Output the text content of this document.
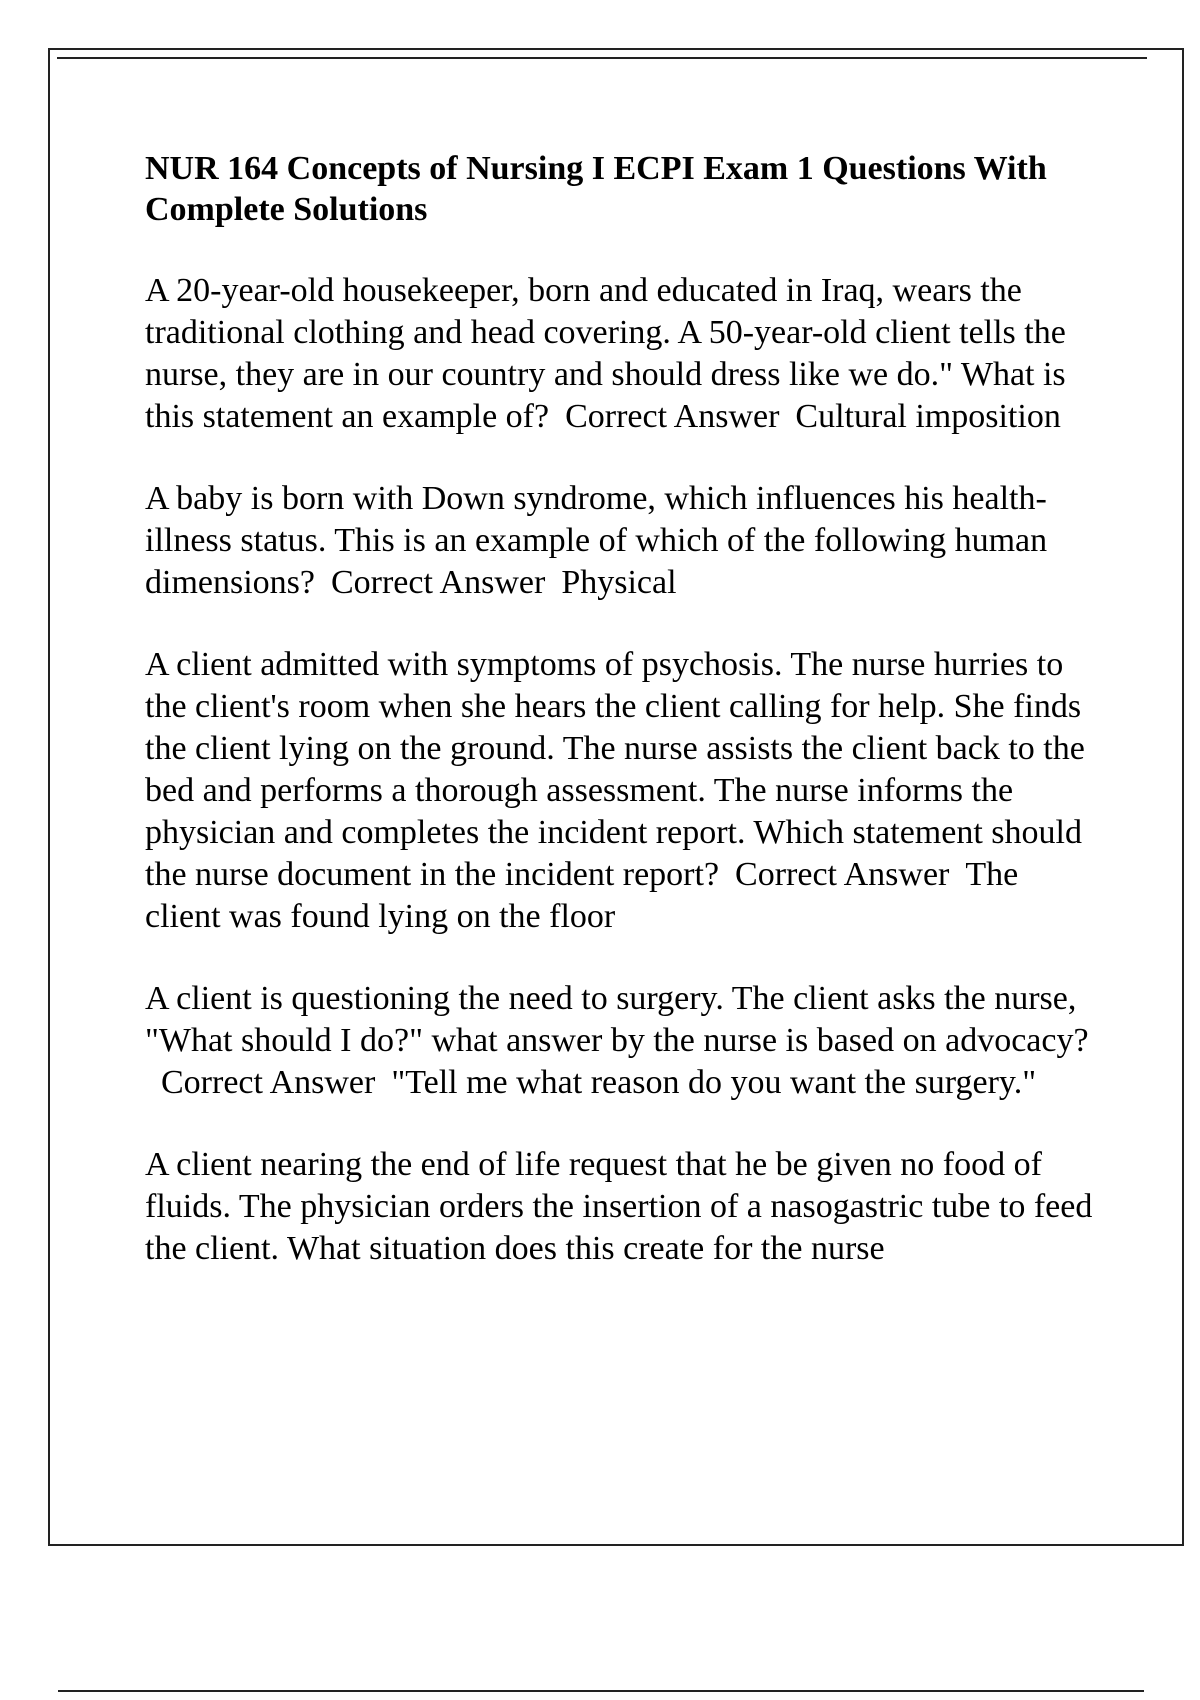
NUR 164 Concepts of Nursing I ECPI Exam 1 Questions With Complete Solutions

A 20-year-old housekeeper, born and educated in Iraq, wears the traditional clothing and head covering. A 50-year-old client tells the nurse, they are in our country and should dress like we do." What is this statement an example of? Correct Answer Cultural imposition

A baby is born with Down syndrome, which influences his health-illness status. This is an example of which of the following human dimensions? Correct Answer Physical

A client admitted with symptoms of psychosis. The nurse hurries to the client's room when she hears the client calling for help. She finds the client lying on the ground. The nurse assists the client back to the bed and performs a thorough assessment. The nurse informs the physician and completes the incident report. Which statement should the nurse document in the incident report? Correct Answer The client was found lying on the floor

A client is questioning the need to surgery. The client asks the nurse, "What should I do?" what answer by the nurse is based on advocacy?Correct Answer "Tell me what reason do you want the surgery."

A client nearing the end of life request that he be given no food of fluids. The physician orders the insertion of a nasogastric tube to feed the client. What situation does this create for the nurse
